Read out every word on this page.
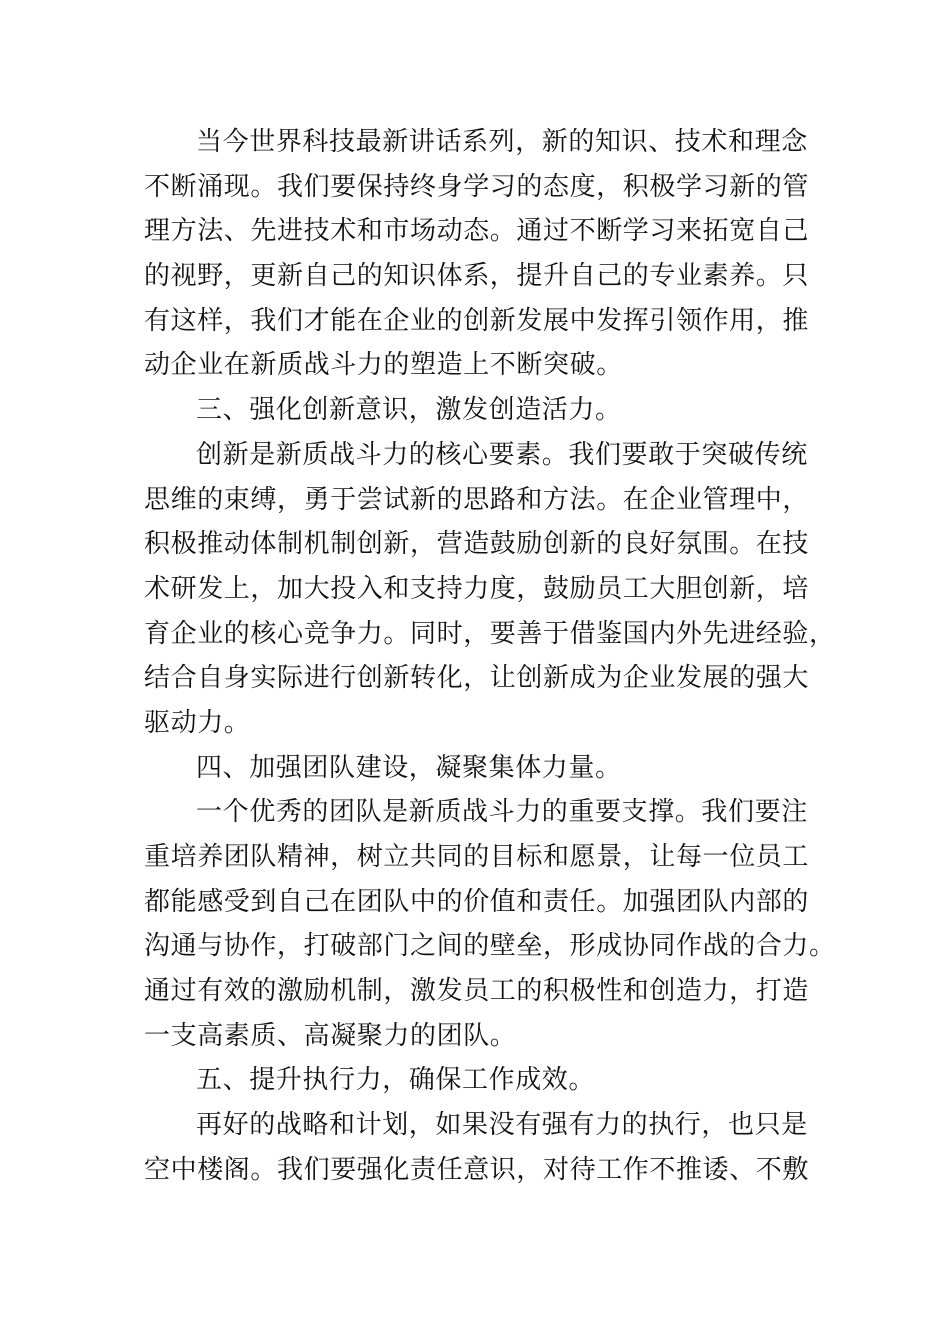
当今世界科技最新讲话系列，新的知识、技术和理念
不断涌现。我们要保持终身学习的态度，积极学习新的管
理方法、先进技术和市场动态。通过不断学习来拓宽自己
的视野，更新自己的知识体系，提升自己的专业素养。只
有这样，我们才能在企业的创新发展中发挥引领作用，推
动企业在新质战斗力的塑造上不断突破。
三、强化创新意识，激发创造活力。
创新是新质战斗力的核心要素。我们要敢于突破传统
思维的束缚，勇于尝试新的思路和方法。在企业管理中，
积极推动体制机制创新，营造鼓励创新的良好氛围。在技
术研发上，加大投入和支持力度，鼓励员工大胆创新，培
育企业的核心竞争力。同时，要善于借鉴国内外先进经验，
结合自身实际进行创新转化，让创新成为企业发展的强大
驱动力。
四、加强团队建设，凝聚集体力量。
一个优秀的团队是新质战斗力的重要支撑。我们要注
重培养团队精神，树立共同的目标和愿景，让每一位员工
都能感受到自己在团队中的价值和责任。加强团队内部的
沟通与协作，打破部门之间的壁垒，形成协同作战的合力。
通过有效的激励机制，激发员工的积极性和创造力，打造
一支高素质、高凝聚力的团队。
五、提升执行力，确保工作成效。
再好的战略和计划，如果没有强有力的执行，也只是
空中楼阁。我们要强化责任意识，对待工作不推诿、不敷
